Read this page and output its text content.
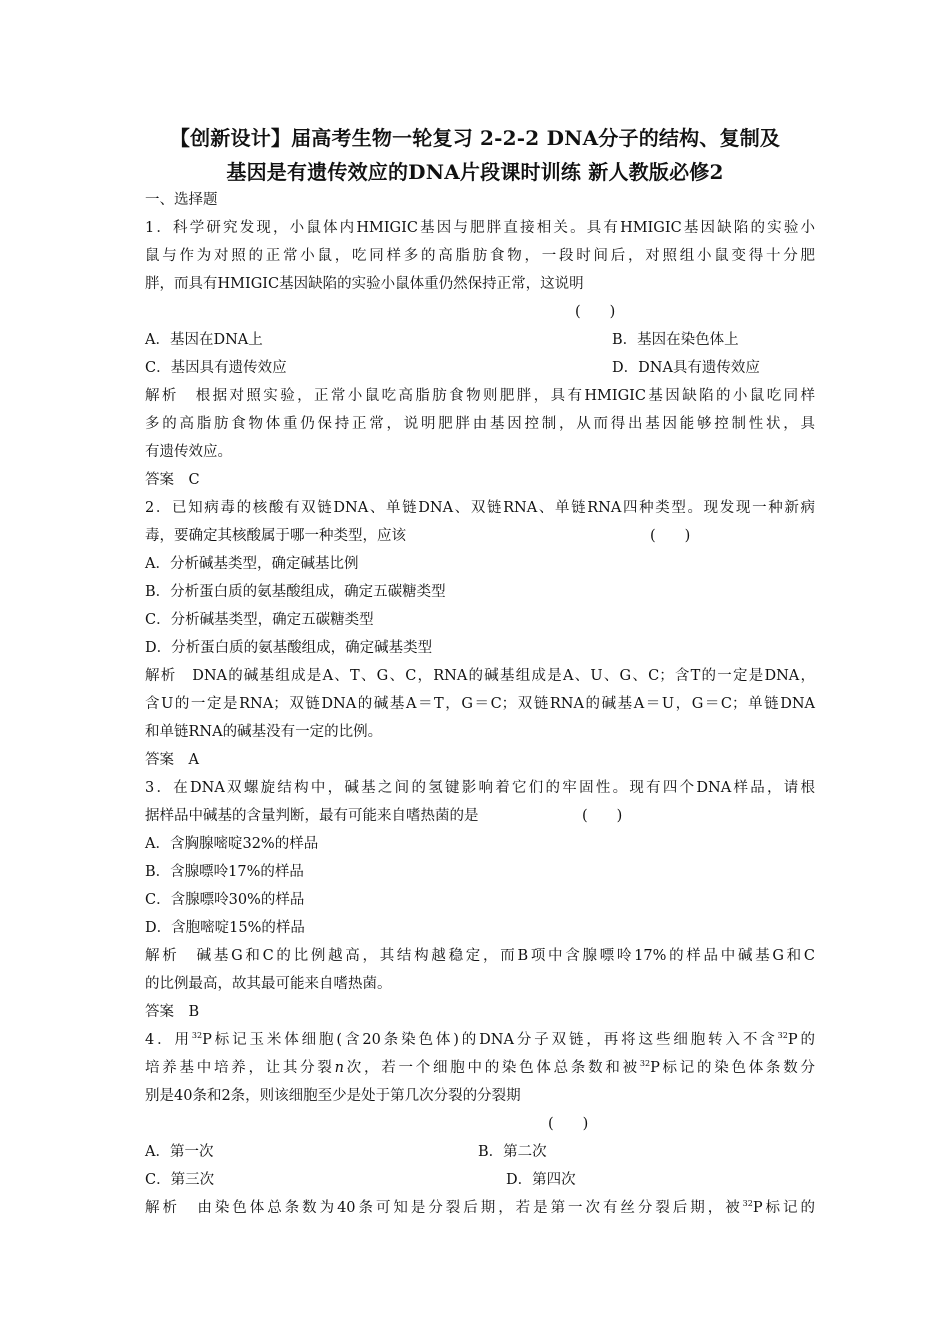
【创新设计】届高考生物一轮复习 2-2-2 DNA分子的结构、复制及
基因是有遗传效应的DNA片段课时训练 新人教版必修2
一、选择题
1．科学研究发现，小鼠体内HMIGIC基因与肥胖直接相关。具有HMIGIC基因缺陷的实验小
鼠与作为对照的正常小鼠，吃同样多的高脂肪食物，一段时间后，对照组小鼠变得十分肥
胖，而具有HMIGIC基因缺陷的实验小鼠体重仍然保持正常，这说明
(　　)
A．基因在DNA上	B．基因在染色体上
C．基因具有遗传效应	D．DNA具有遗传效应
解析　根据对照实验，正常小鼠吃高脂肪食物则肥胖，具有HMIGIC基因缺陷的小鼠吃同样
多的高脂肪食物体重仍保持正常，说明肥胖由基因控制，从而得出基因能够控制性状，具
有遗传效应。
答案　C
2．已知病毒的核酸有双链DNA、单链DNA、双链RNA、单链RNA四种类型。现发现一种新病
毒，要确定其核酸属于哪一种类型，应该	(　　)
A．分析碱基类型，确定碱基比例
B．分析蛋白质的氨基酸组成，确定五碳糖类型
C．分析碱基类型，确定五碳糖类型
D．分析蛋白质的氨基酸组成，确定碱基类型
解析　DNA的碱基组成是A、T、G、C，RNA的碱基组成是A、U、G、C；含T的一定是DNA，
含U的一定是RNA；双链DNA的碱基A＝T，G＝C；双链RNA的碱基A＝U，G＝C；单链DNA
和单链RNA的碱基没有一定的比例。
答案　A
3．在DNA双螺旋结构中，碱基之间的氢键影响着它们的牢固性。现有四个DNA样品，请根
据样品中碱基的含量判断，最有可能来自嗜热菌的是	(　　)
A．含胸腺嘧啶32%的样品
B．含腺嘌呤17%的样品
C．含腺嘌呤30%的样品
D．含胞嘧啶15%的样品
解析　碱基G和C的比例越高，其结构越稳定，而B项中含腺嘌呤17%的样品中碱基G和C
的比例最高，故其最可能来自嗜热菌。
答案　B
4．用$^{32}$P标记玉米体细胞(含20条染色体)的DNA分子双链，再将这些细胞转入不含$^{32}$P的
培养基中培养，让其分裂n次，若一个细胞中的染色体总条数和被$^{32}$P标记的染色体条数分
别是40条和2条，则该细胞至少是处于第几次分裂的分裂期
(　　)
A．第一次	B．第二次
C．第三次	D．第四次
解析　由染色体总条数为40条可知是分裂后期，若是第一次有丝分裂后期，被$^{32}$P标记的
